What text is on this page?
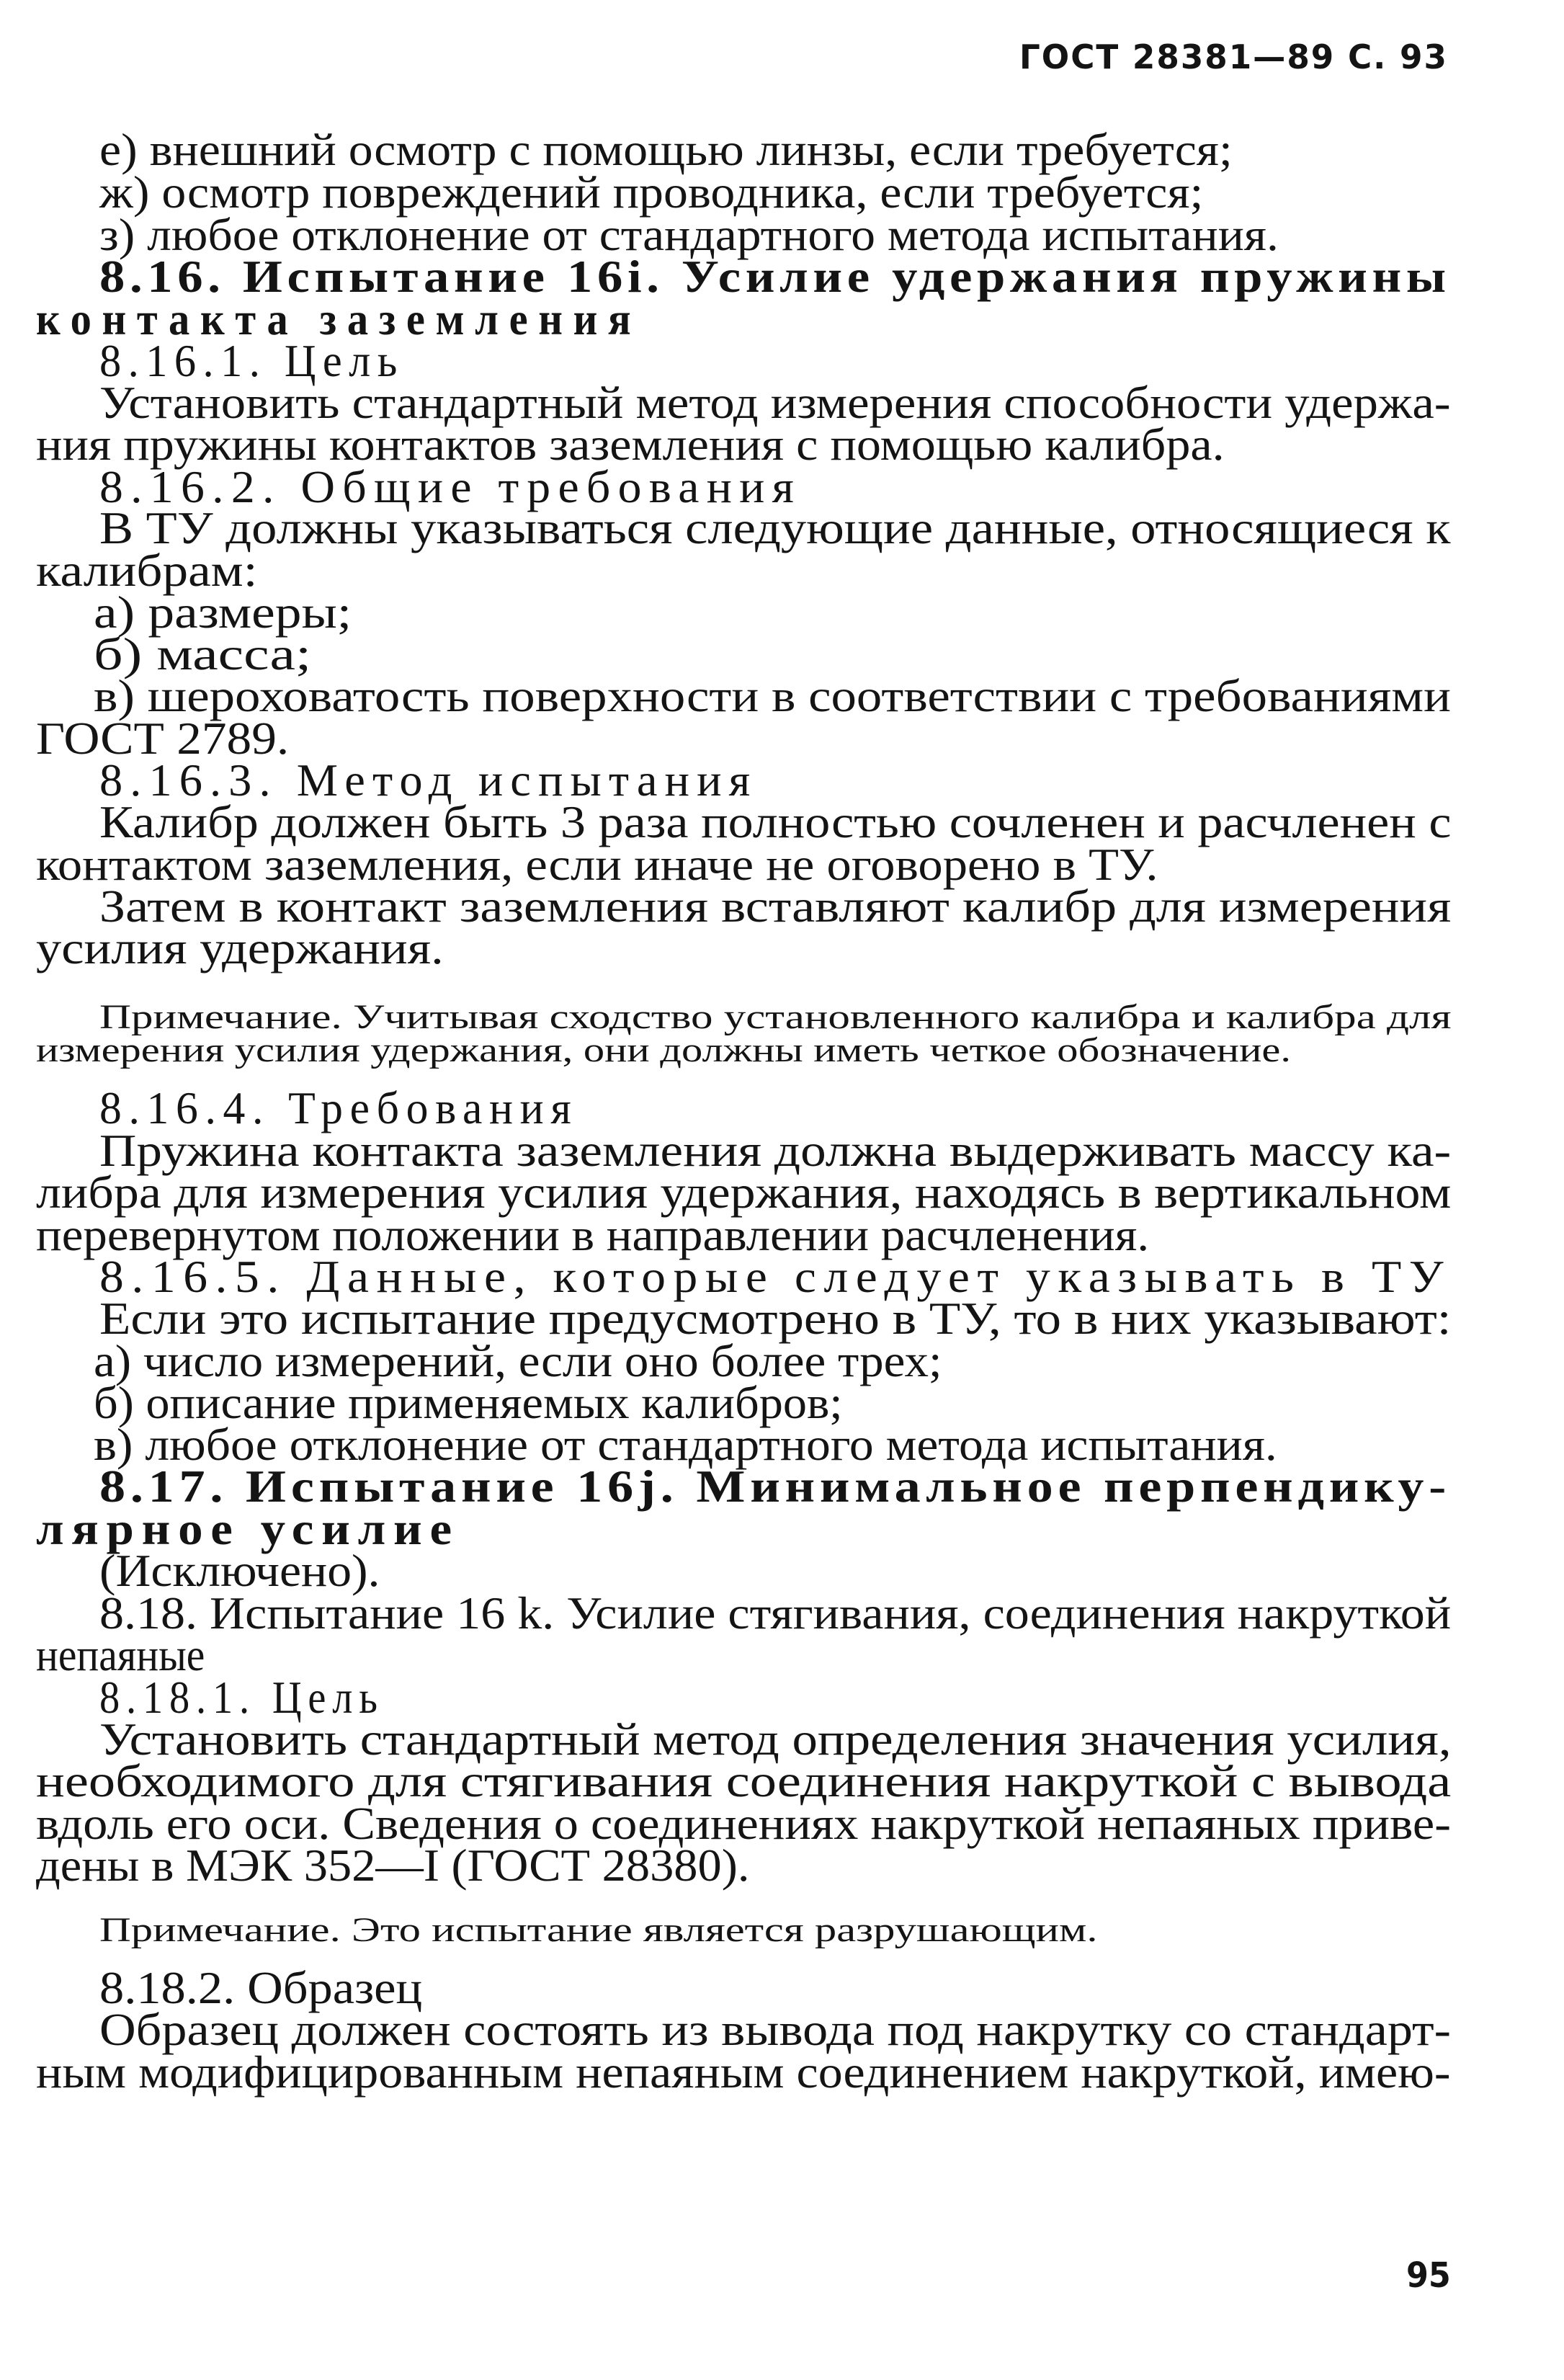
ГОСТ 28381—89 С. 93
е) внешний осмотр с помощью линзы, если требуется;
ж) осмотр повреждений проводника, если требуется;
з) любое отклонение от стандартного метода испытания.
8.16. Испытание 16i. Усилие удержания пружины
контакта заземления
8.16.1. Цель
Установить стандартный метод измерения способности удержа-
ния пружины контактов заземления с помощью калибра.
8.16.2. Общие требования
В ТУ должны указываться следующие данные, относящиеся к
калибрам:
а) размеры;
б) масса;
в) шероховатость поверхности в соответствии с требованиями
ГОСТ 2789.
8.16.3. Метод испытания
Калибр должен быть 3 раза полностью сочленен и расчленен с
контактом заземления, если иначе не оговорено в ТУ.
Затем в контакт заземления вставляют калибр для измерения
усилия удержания.
Примечание. Учитывая сходство установленного калибра и калибра для
измерения усилия удержания, они должны иметь четкое обозначение.
8.16.4. Требования
Пружина контакта заземления должна выдерживать массу ка-
либра для измерения усилия удержания, находясь в вертикальном
перевернутом положении в направлении расчленения.
8.16.5. Данные, которые следует указывать в ТУ
Если это испытание предусмотрено в ТУ, то в них указывают:
а) число измерений, если оно более трех;
б) описание применяемых калибров;
в) любое отклонение от стандартного метода испытания.
8.17. Испытание 16j. Минимальное перпендику-
лярное усилие
(Исключено).
8.18. Испытание 16 k. Усилие стягивания, соединения накруткой
непаяные
8.18.1. Цель
Установить стандартный метод определения значения усилия,
необходимого для стягивания соединения накруткой с вывода
вдоль его оси. Сведения о соединениях накруткой непаяных приве-
дены в МЭК 352—I (ГОСТ 28380).
Примечание. Это испытание является разрушающим.
8.18.2. Образец
Образец должен состоять из вывода под накрутку со стандарт-
ным модифицированным непаяным соединением накруткой, имею-
95
